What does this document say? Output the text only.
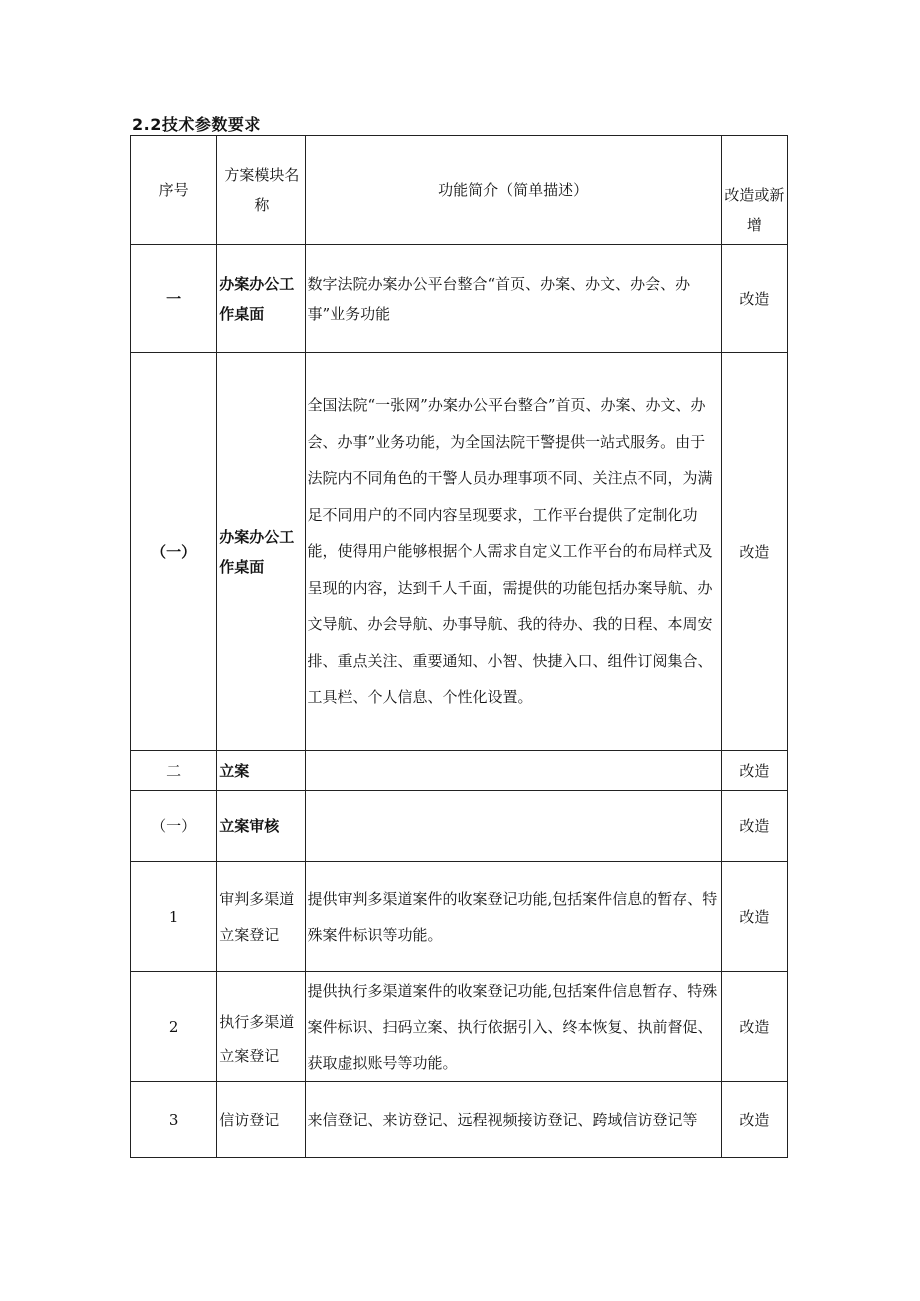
2.2技术参数要求
序号	方案模块名称	功能简介（简单描述）	改造或新增
一	办案办公工作桌面	数字法院办案办公平台整合“首页、办案、办文、办会、办事”业务功能	改造
（一）	办案办公工作桌面	全国法院“一张网”办案办公平台整合”首页、办案、办文、办会、办事”业务功能，为全国法院干警提供一站式服务。由于法院内不同角色的干警人员办理事项不同、关注点不同，为满足不同用户的不同内容呈现要求，工作平台提供了定制化功能，使得用户能够根据个人需求自定义工作平台的布局样式及呈现的内容，达到千人千面，需提供的功能包括办案导航、办文导航、办会导航、办事导航、我的待办、我的日程、本周安排、重点关注、重要通知、小智、快捷入口、组件订阅集合、工具栏、个人信息、个性化设置。	改造
二	立案		改造
（一）	立案审核		改造
1	审判多渠道立案登记	提供审判多渠道案件的收案登记功能,包括案件信息的暂存、特殊案件标识等功能。	改造
2	执行多渠道立案登记	提供执行多渠道案件的收案登记功能,包括案件信息暂存、特殊案件标识、扫码立案、执行依据引入、终本恢复、执前督促、获取虚拟账号等功能。	改造
3	信访登记	来信登记、来访登记、远程视频接访登记、跨域信访登记等	改造
